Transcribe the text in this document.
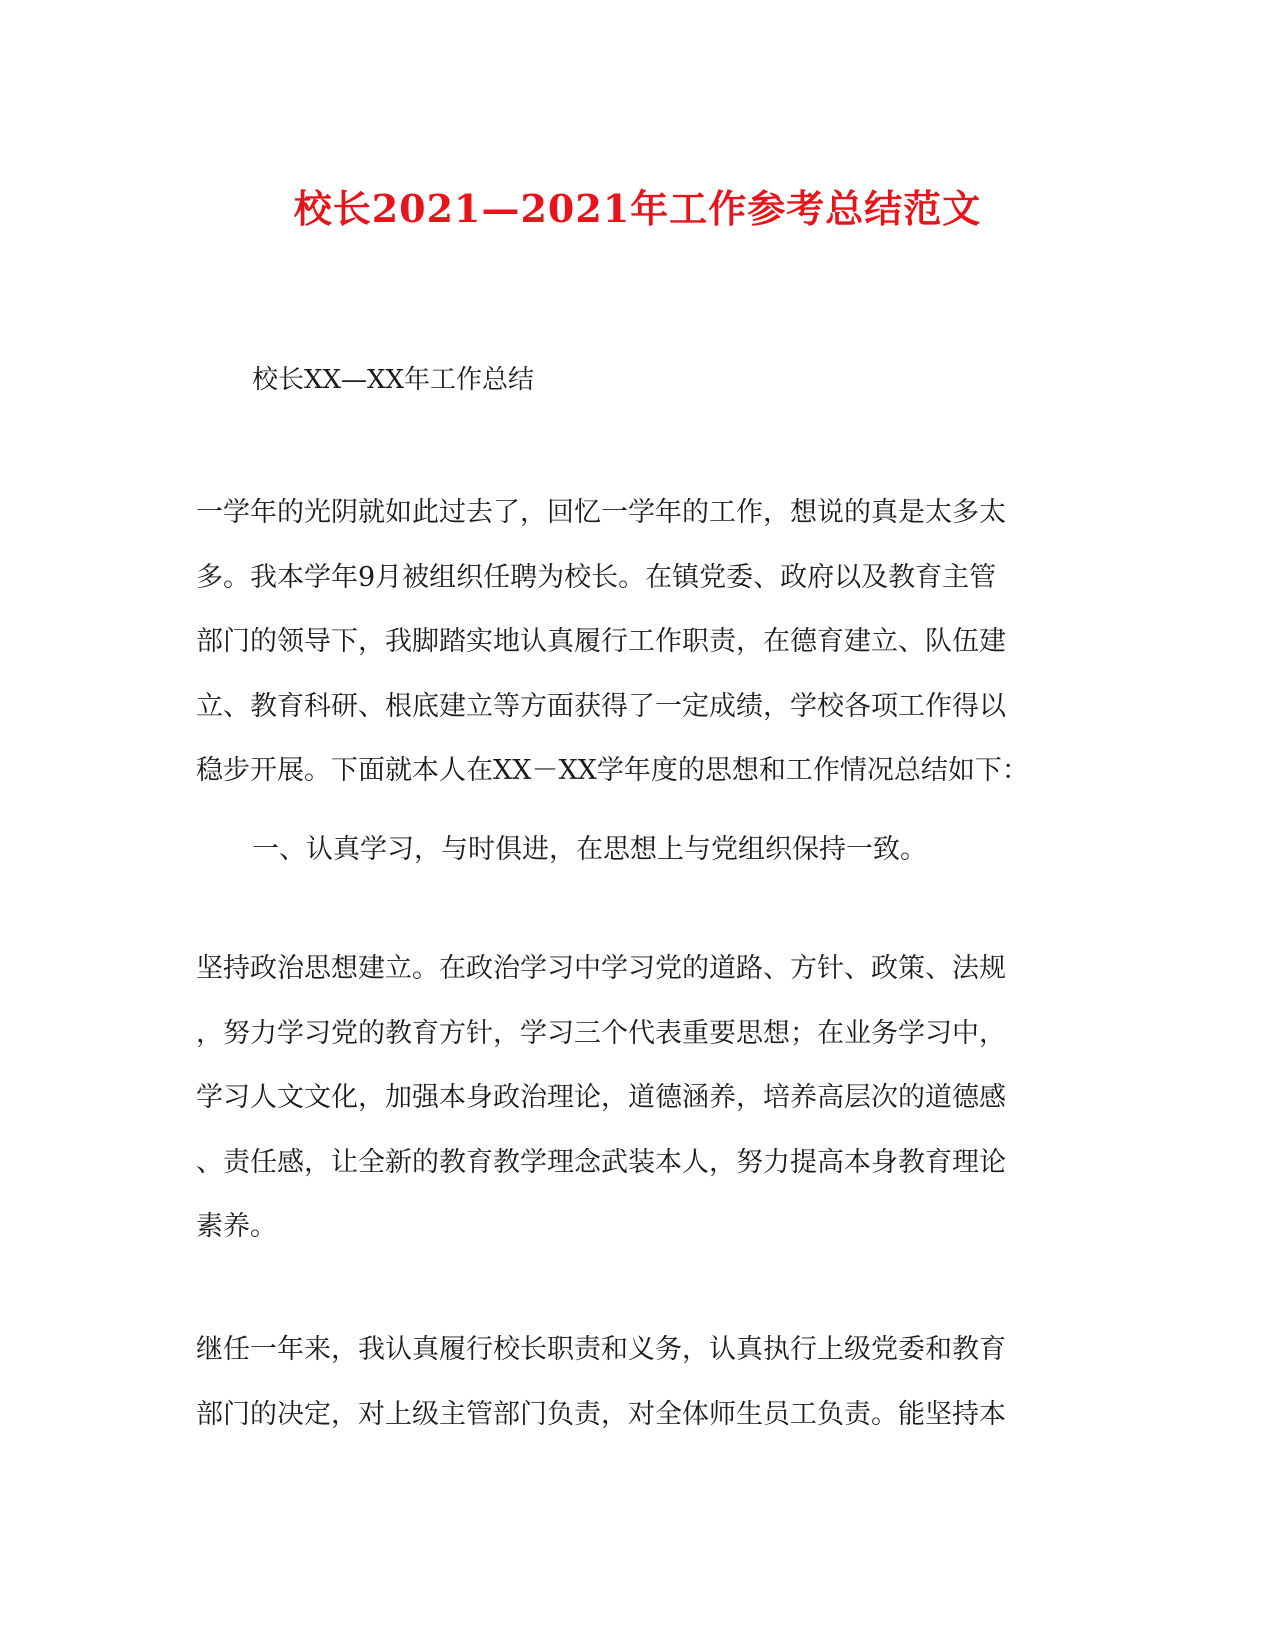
校长2021—2021年工作参考总结范文
校长XX—XX年工作总结
一学年的光阴就如此过去了，回忆一学年的工作，想说的真是太多太
多。我本学年9月被组织任聘为校长。在镇党委、政府以及教育主管
部门的领导下，我脚踏实地认真履行工作职责，在德育建立、队伍建
立、教育科研、根底建立等方面获得了一定成绩，学校各项工作得以
稳步开展。下面就本人在XX－XX学年度的思想和工作情况总结如下：
一、认真学习，与时俱进，在思想上与党组织保持一致。
坚持政治思想建立。在政治学习中学习党的道路、方针、政策、法规
，努力学习党的教育方针，学习三个代表重要思想；在业务学习中，
学习人文文化，加强本身政治理论，道德涵养，培养高层次的道德感
、责任感，让全新的教育教学理念武装本人，努力提高本身教育理论
素养。
继任一年来，我认真履行校长职责和义务，认真执行上级党委和教育
部门的决定，对上级主管部门负责，对全体师生员工负责。能坚持本
